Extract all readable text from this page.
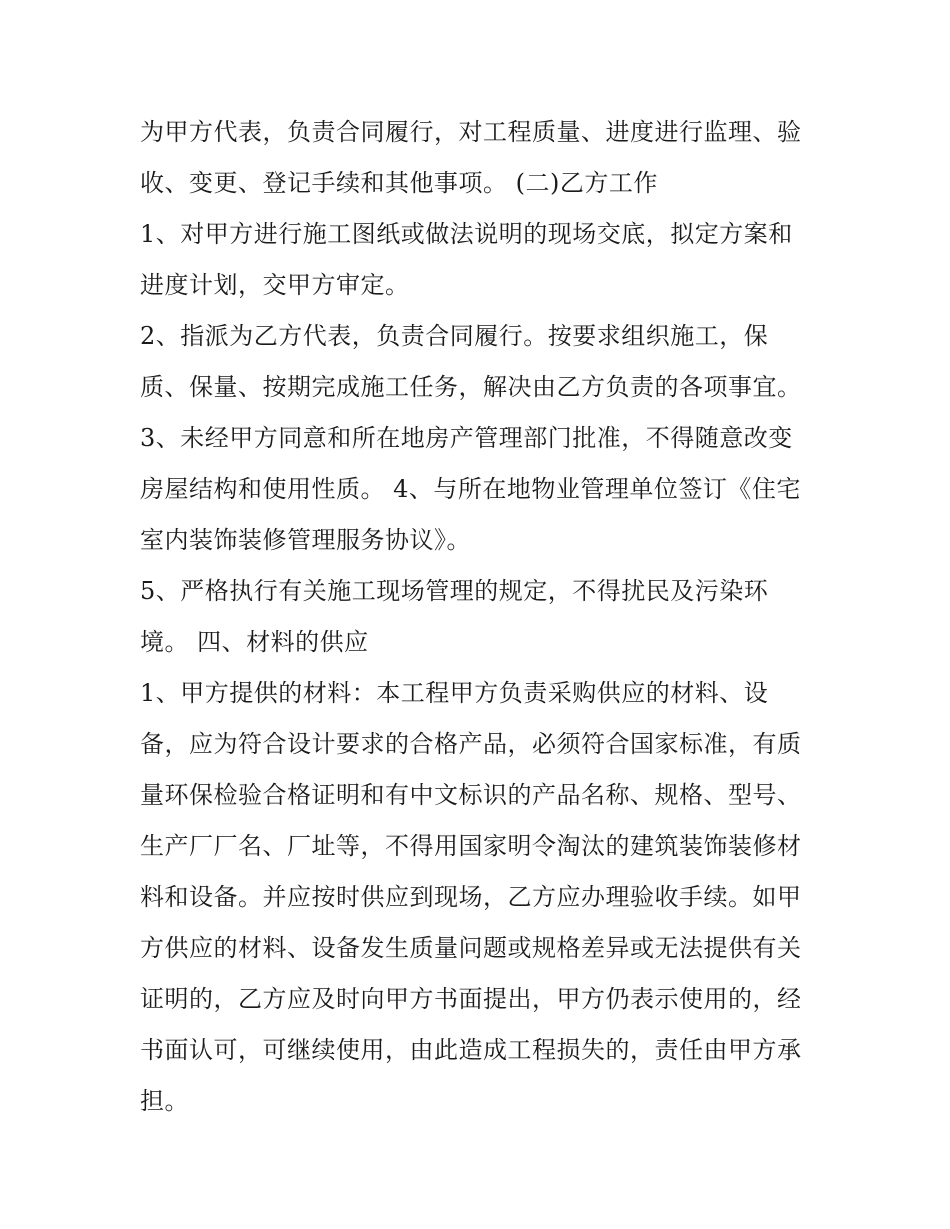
为甲方代表，负责合同履行，对工程质量、进度进行监理、验
收、变更、登记手续和其他事项。 (二)乙方工作
1、对甲方进行施工图纸或做法说明的现场交底，拟定方案和
进度计划，交甲方审定。
2、指派为乙方代表，负责合同履行。按要求组织施工，保
质、保量、按期完成施工任务，解决由乙方负责的各项事宜。
3、未经甲方同意和所在地房产管理部门批准，不得随意改变
房屋结构和使用性质。 4、与所在地物业管理单位签订《住宅
室内装饰装修管理服务协议》。
5、严格执行有关施工现场管理的规定，不得扰民及污染环
境。 四、材料的供应
1、甲方提供的材料：本工程甲方负责采购供应的材料、设
备，应为符合设计要求的合格产品，必须符合国家标准，有质
量环保检验合格证明和有中文标识的产品名称、规格、型号、
生产厂厂名、厂址等，不得用国家明令淘汰的建筑装饰装修材
料和设备。并应按时供应到现场，乙方应办理验收手续。如甲
方供应的材料、设备发生质量问题或规格差异或无法提供有关
证明的，乙方应及时向甲方书面提出，甲方仍表示使用的，经
书面认可，可继续使用，由此造成工程损失的，责任由甲方承
担。
